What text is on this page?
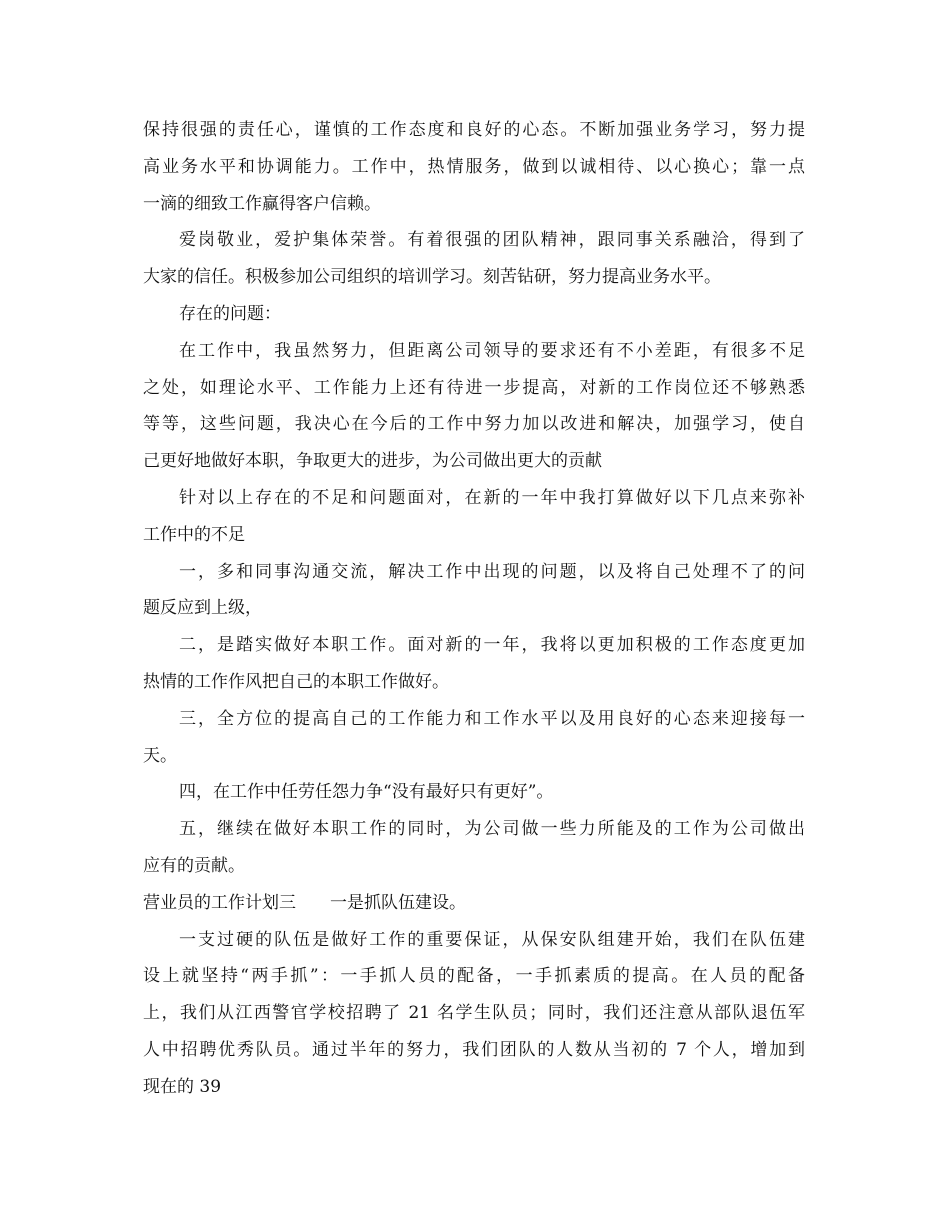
保持很强的责任心，谨慎的工作态度和良好的心态。不断加强业务学习，努力提
高业务水平和协调能力。工作中，热情服务，做到以诚相待、以心换心；靠一点
一滴的细致工作赢得客户信赖。
爱岗敬业，爱护集体荣誉。有着很强的团队精神，跟同事关系融洽，得到了
大家的信任。积极参加公司组织的培训学习。刻苦钻研，努力提高业务水平。
存在的问题：
在工作中，我虽然努力，但距离公司领导的要求还有不小差距，有很多不足
之处，如理论水平、工作能力上还有待进一步提高，对新的工作岗位还不够熟悉
等等，这些问题，我决心在今后的工作中努力加以改进和解决，加强学习，使自
己更好地做好本职，争取更大的进步，为公司做出更大的贡献
针对以上存在的不足和问题面对，在新的一年中我打算做好以下几点来弥补
工作中的不足
一，多和同事沟通交流，解决工作中出现的问题，以及将自己处理不了的问
题反应到上级，
二，是踏实做好本职工作。面对新的一年，我将以更加积极的工作态度更加
热情的工作作风把自己的本职工作做好。
三，全方位的提高自己的工作能力和工作水平以及用良好的心态来迎接每一
天。
四，在工作中任劳任怨力争“没有最好只有更好”。
五，继续在做好本职工作的同时，为公司做一些力所能及的工作为公司做出
应有的贡献。
营业员的工作计划三　　一是抓队伍建设。
一支过硬的队伍是做好工作的重要保证，从保安队组建开始，我们在队伍建
设上就坚持“两手抓”：一手抓人员的配备，一手抓素质的提高。在人员的配备
上，我们从江西警官学校招聘了 21 名学生队员；同时，我们还注意从部队退伍军
人中招聘优秀队员。通过半年的努力，我们团队的人数从当初的 7 个人，增加到
现在的 39
